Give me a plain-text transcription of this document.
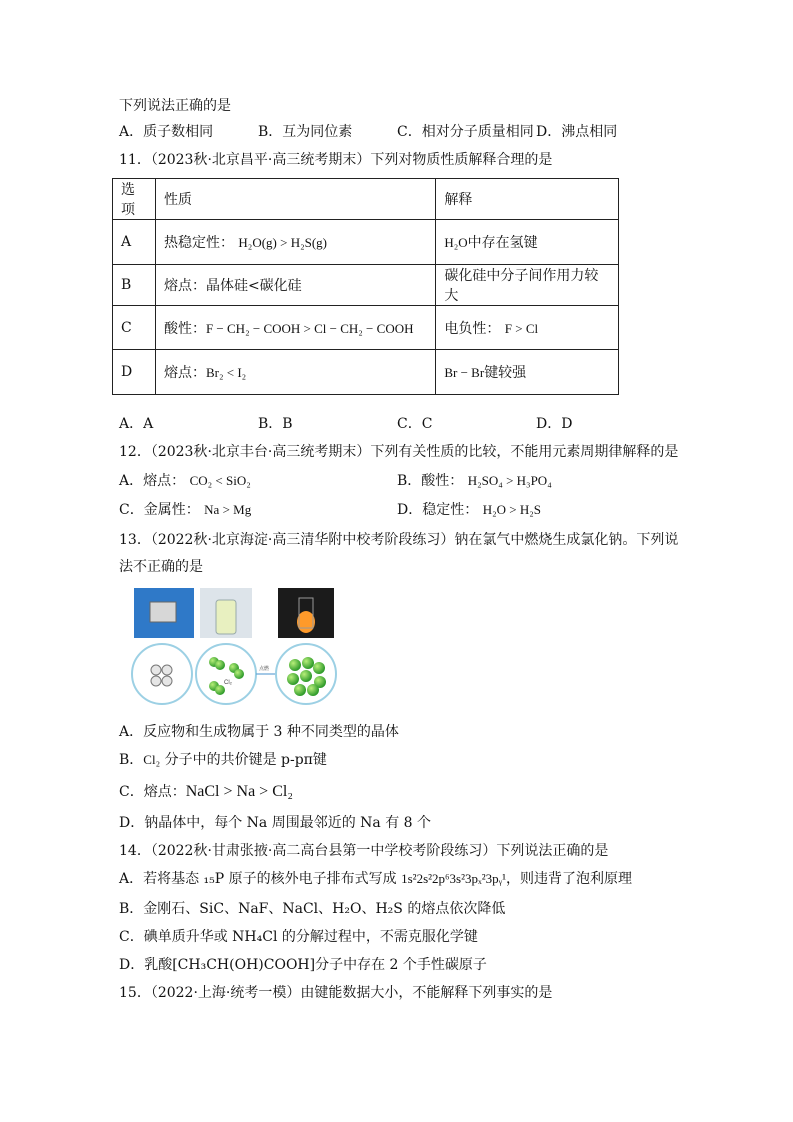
下列说法正确的是
A．质子数相同	B．互为同位素	C．相对分子质量相同 D．沸点相同
11．（2023秋·北京昌平·高三统考期末）下列对物质性质解释合理的是
选项	性质	解释
A	热稳定性： H₂O(g) > H₂S(g)	H₂O中存在氢键
B	熔点：晶体硅<碳化硅	碳化硅中分子间作用力较大
C	酸性：F − CH₂ − COOH > Cl − CH₂ − COOH	电负性： F > Cl
D	熔点：Br₂ < I₂	Br − Br键较强
A．A	B．B	C．C	D．D
12．（2023秋·北京丰台·高三统考期末）下列有关性质的比较，不能用元素周期律解释的是
A．熔点： CO₂ < SiO₂	B．酸性： H₂SO₄ > H₃PO₄
C．金属性： Na > Mg	D．稳定性： H₂O > H₂S
13．（2022秋·北京海淀·高三清华附中校考阶段练习）钠在氯气中燃烧生成氯化钠。下列说
法不正确的是
Cl₂
点燃
A．反应物和生成物属于 3 种不同类型的晶体
B．Cl₂ 分子中的共价键是 p-pπ键
C．熔点：NaCl > Na > Cl₂
D．钠晶体中，每个 Na 周围最邻近的 Na 有 8 个
14．（2022秋·甘肃张掖·高二高台县第一中学校考阶段练习）下列说法正确的是
A．若将基态 ₁₅P 原子的核外电子排布式写成 1s²2s²2p⁶3s²3pₓ²3pᵧ¹，则违背了泡利原理
B．金刚石、SiC、NaF、NaCl、H₂O、H₂S 的熔点依次降低
C．碘单质升华或 NH₄Cl 的分解过程中，不需克服化学键
D．乳酸[CH₃CH(OH)COOH]分子中存在 2 个手性碳原子
15．（2022·上海·统考一模）由键能数据大小，不能解释下列事实的是
